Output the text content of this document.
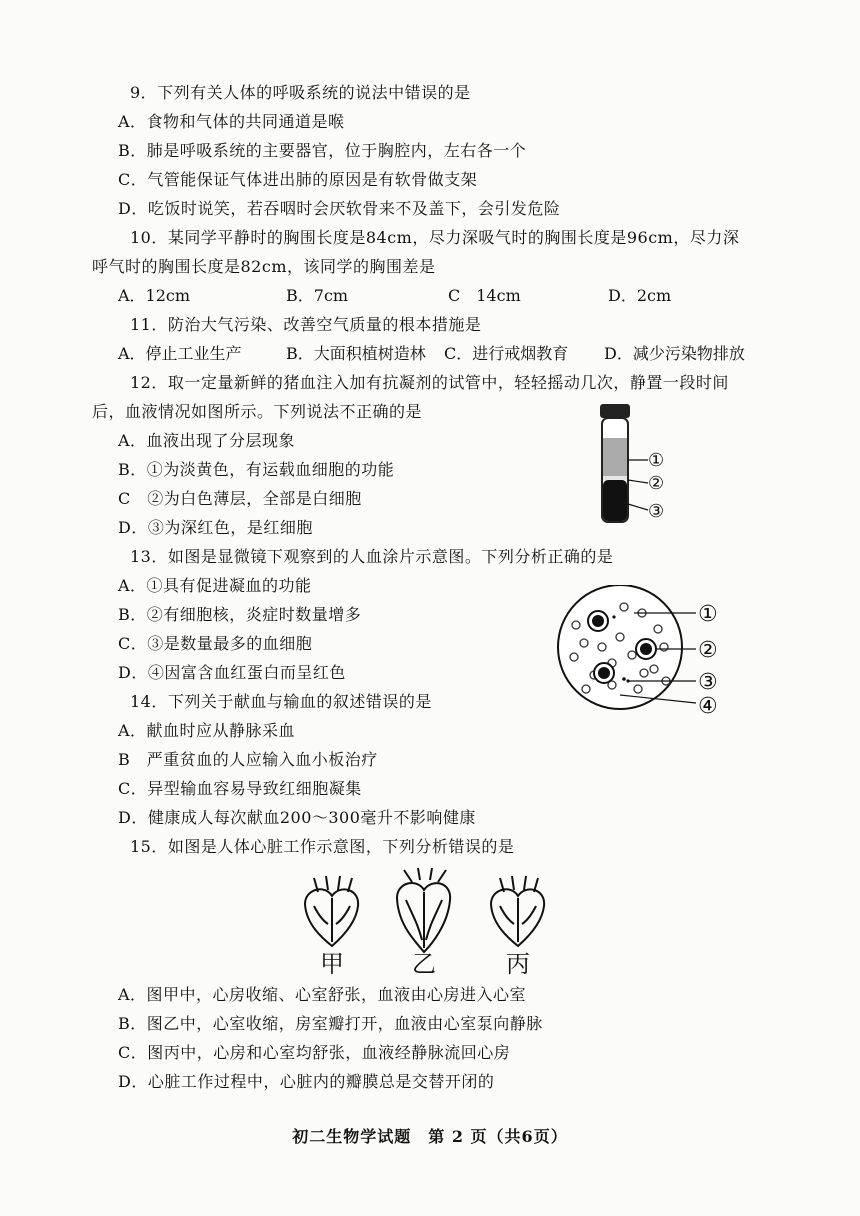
9．下列有关人体的呼吸系统的说法中错误的是
A．食物和气体的共同通道是喉
B．肺是呼吸系统的主要器官，位于胸腔内，左右各一个
C．气管能保证气体进出肺的原因是有软骨做支架
D．吃饭时说笑，若吞咽时会厌软骨来不及盖下，会引发危险
10．某同学平静时的胸围长度是84cm，尽力深吸气时的胸围长度是96cm，尽力深
呼气时的胸围长度是82cm，该同学的胸围差是
A．12cm	B．7cm	C　14cm	D．2cm
11．防治大气污染、改善空气质量的根本措施是
A．停止工业生产	B．大面积植树造林 C．进行戒烟教育 D．减少污染物排放
12．取一定量新鲜的猪血注入加有抗凝剂的试管中，轻轻摇动几次，静置一段时间
后，血液情况如图所示。下列说法不正确的是
A．血液出现了分层现象
B．①为淡黄色，有运载血细胞的功能
C　②为白色薄层，全部是白细胞
D．③为深红色，是红细胞
①
②
③
13．如图是显微镜下观察到的人血涂片示意图。下列分析正确的是
A．①具有促进凝血的功能
B．②有细胞核，炎症时数量增多
C．③是数量最多的血细胞
D．④因富含血红蛋白而呈红色
①
②
③
④
14．下列关于献血与输血的叙述错误的是
A．献血时应从静脉采血
B　严重贫血的人应输入血小板治疗
C．异型输血容易导致红细胞凝集
D．健康成人每次献血200～300毫升不影响健康
15．如图是人体心脏工作示意图，下列分析错误的是
甲	乙	丙
A．图甲中，心房收缩、心室舒张，血液由心房进入心室
B．图乙中，心室收缩，房室瓣打开，血液由心室泵向静脉
C．图丙中，心房和心室均舒张，血液经静脉流回心房
D．心脏工作过程中，心脏内的瓣膜总是交替开闭的
初二生物学试题　第 2 页（共6页）
